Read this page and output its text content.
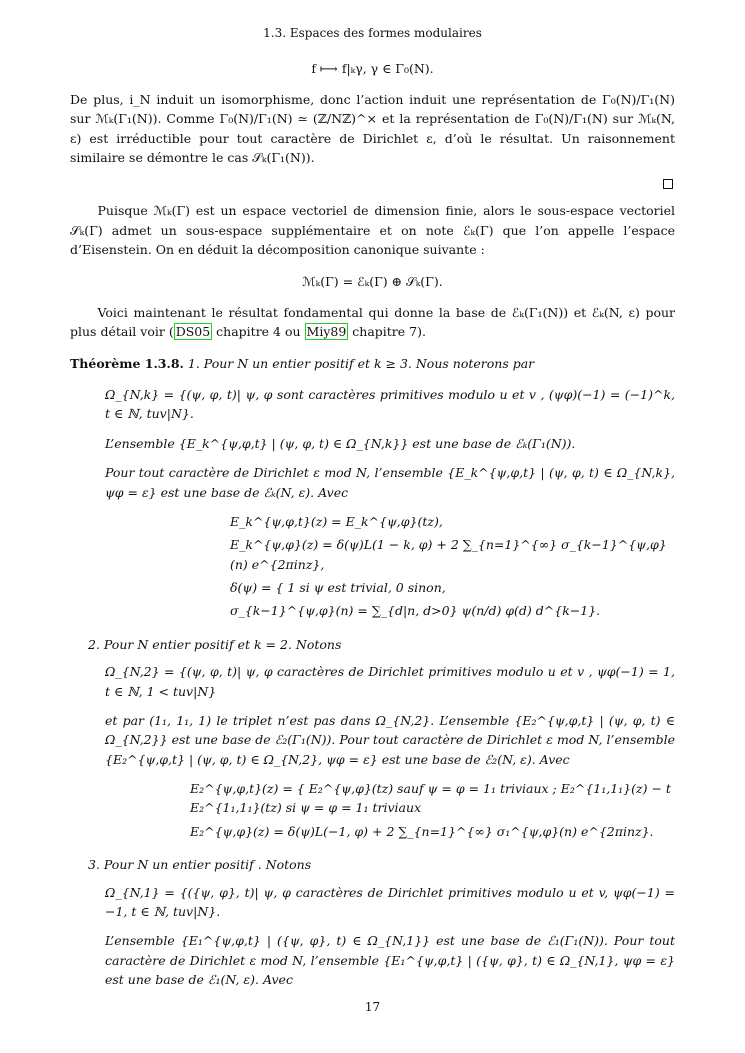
1.3. Espaces des formes modulaires
f ⟼ f|ₖγ, γ ∈ Γ₀(N).

De plus, i_N induit un isomorphisme, donc l’action induit une représentation de Γ₀(N)/Γ₁(N) sur ℳₖ(Γ₁(N)). Comme Γ₀(N)/Γ₁(N) ≃ (ℤ/Nℤ)^× et la représentation de Γ₀(N)/Γ₁(N) sur ℳₖ(N, ε) est irréductible pour tout caractère de Dirichlet ε, d’où le résultat. Un raisonnement similaire se démontre le cas 𝒮ₖ(Γ₁(N)).

Puisque ℳₖ(Γ) est un espace vectoriel de dimension finie, alors le sous-espace vectoriel 𝒮ₖ(Γ) admet un sous-espace supplémentaire et on note ℰₖ(Γ) que l’on appelle l’espace d’Eisenstein. On en déduit la décomposition canonique suivante :

ℳₖ(Γ) = ℰₖ(Γ) ⊕ 𝒮ₖ(Γ).

Voici maintenant le résultat fondamental qui donne la base de ℰₖ(Γ₁(N)) et ℰₖ(N, ε) pour plus détail voir ( DS05 chapitre 4 ou Miy89 chapitre 7).

Théorème 1.3.8. 1. Pour N un entier positif et k ≥ 3. Nous noterons par

Ω_{N,k} = {(ψ, φ, t)| ψ, φ sont caractères primitives modulo u et v , (ψφ)(−1) = (−1)^k, t ∈ ℕ, tuv|N}.
L’ensemble {E_k^{ψ,φ,t} | (ψ, φ, t) ∈ Ω_{N,k}} est une base de ℰₖ(Γ₁(N)).
Pour tout caractère de Dirichlet ε mod N, l’ensemble {E_k^{ψ,φ,t} | (ψ, φ, t) ∈ Ω_{N,k}, ψφ = ε} est une base de ℰₖ(N, ε). Avec
E_k^{ψ,φ,t}(z) = E_k^{ψ,φ}(tz),
E_k^{ψ,φ}(z) = δ(ψ)L(1 − k, φ) + 2 ∑_{n=1}^{∞} σ_{k−1}^{ψ,φ}(n) e^{2πinz},
δ(ψ) = { 1 si ψ est trivial, 0 sinon,
σ_{k−1}^{ψ,φ}(n) = ∑_{d|n, d>0} ψ(n/d) φ(d) d^{k−1}.
2. Pour N entier positif et k = 2. Notons
Ω_{N,2} = {(ψ, φ, t)| ψ, φ caractères de Dirichlet primitives modulo u et v , ψφ(−1) = 1, t ∈ ℕ, 1 < tuv|N}
et par (1₁, 1₁, 1) le triplet n’est pas dans Ω_{N,2}. L’ensemble {E₂^{ψ,φ,t} | (ψ, φ, t) ∈ Ω_{N,2}} est une base de ℰ₂(Γ₁(N)). Pour tout caractère de Dirichlet ε mod N, l’ensemble {E₂^{ψ,φ,t} | (ψ, φ, t) ∈ Ω_{N,2}, ψφ = ε} est une base de ℰ₂(N, ε). Avec
E₂^{ψ,φ,t}(z) = { E₂^{ψ,φ}(tz) sauf ψ = φ = 1₁ triviaux ; E₂^{1₁,1₁}(z) − t E₂^{1₁,1₁}(tz) si ψ = φ = 1₁ triviaux
E₂^{ψ,φ}(z) = δ(ψ)L(−1, φ) + 2 ∑_{n=1}^{∞} σ₁^{ψ,φ}(n) e^{2πinz}.
3. Pour N un entier positif . Notons
Ω_{N,1} = {({ψ, φ}, t)| ψ, φ caractères de Dirichlet primitives modulo u et v, ψφ(−1) = −1, t ∈ ℕ, tuv|N}.
L’ensemble {E₁^{ψ,φ,t} | ({ψ, φ}, t) ∈ Ω_{N,1}} est une base de ℰ₁(Γ₁(N)). Pour tout caractère de Dirichlet ε mod N, l’ensemble {E₁^{ψ,φ,t} | ({ψ, φ}, t) ∈ Ω_{N,1}, ψφ = ε} est une base de ℰ₁(N, ε). Avec
17
